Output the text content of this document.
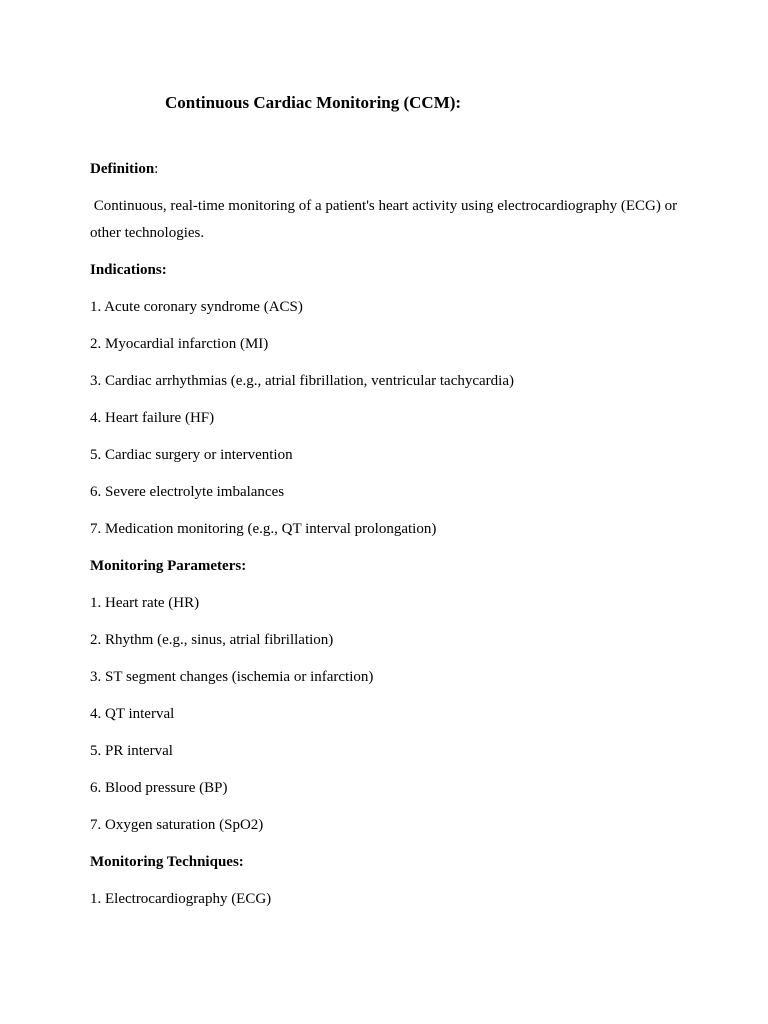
Continuous Cardiac Monitoring (CCM):
Definition:
Continuous, real-time monitoring of a patient's heart activity using electrocardiography (ECG) or other technologies.
Indications:
1. Acute coronary syndrome (ACS)
2. Myocardial infarction (MI)
3. Cardiac arrhythmias (e.g., atrial fibrillation, ventricular tachycardia)
4. Heart failure (HF)
5. Cardiac surgery or intervention
6. Severe electrolyte imbalances
7. Medication monitoring (e.g., QT interval prolongation)
Monitoring Parameters:
1. Heart rate (HR)
2. Rhythm (e.g., sinus, atrial fibrillation)
3. ST segment changes (ischemia or infarction)
4. QT interval
5. PR interval
6. Blood pressure (BP)
7. Oxygen saturation (SpO2)
Monitoring Techniques:
1. Electrocardiography (ECG)
